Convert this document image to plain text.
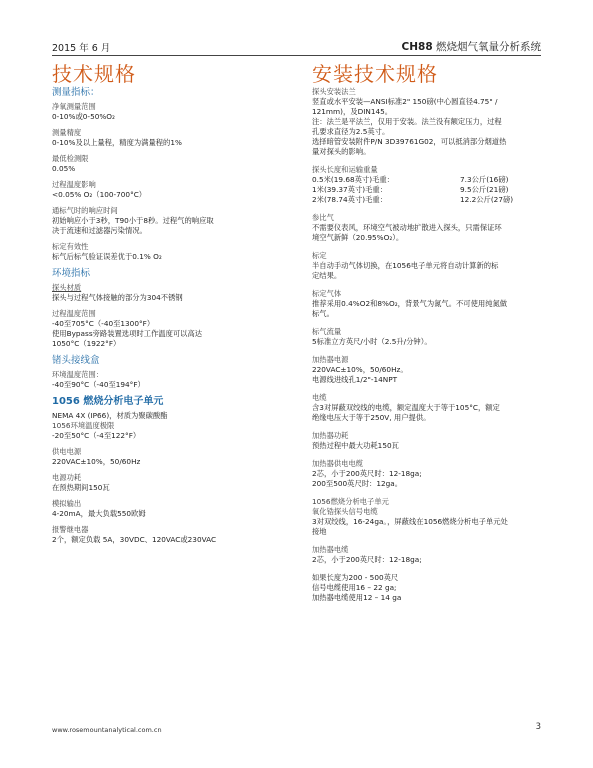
2015 年 6 月	CH88 燃烧烟气氧量分析系统
技术规格
测量指标：
净氧测量范围
0-10%或0-50%O₂
测量精度
0-10%及以上量程，精度为满量程的1%
最低检测限
0.05%
过程温度影响
<0.05% O₂（100-700°C）
通标气时的响应时间
初始响应小于3秒，T90小于8秒。过程气的响应取
决于流速和过滤器污染情况。
标定有效性
标气后标气验证误差优于0.1% O₂
环境指标
探头材质
探头与过程气体接触的部分为304不锈钢
过程温度范围
-40至705°C（-40至1300°F）
使用Bypass旁路装置选项时工作温度可以高达
1050°C（1922°F）
锗头接线盒
环境温度范围：
-40至90°C（-40至194°F）
1056 燃烧分析电子单元
NEMA 4X (IP66)，材质为聚碳酸酯
1056环境温度极限
-20至50°C（-4至122°F）
供电电源
220VAC±10%，50/60Hz
电源功耗
在预热期间150瓦
模拟输出
4-20mA，最大负载550欧姆
报警继电器
2个，额定负载 5A，30VDC、120VAC或230VAC
安装技术规格
探头安装法兰
竖直或水平安装—ANSI标准2" 150磅(中心圆直径4.75" /
121mm)，及DIN145。
注：法兰是平法兰，仅用于安装。法兰没有额定压力，过程
孔要求直径为2.5英寸。
选择暗管安装附件P/N 3D39761G02，可以抵消部分烟道热
量对探头的影响。
探头长度和运输重量
0.5米(19.68英寸)毛重：	7.3公斤(16磅)
1米(39.37英寸)毛重：	9.5公斤(21磅)
2米(78.74英寸)毛重：	12.2公斤(27磅)
参比气
不需要仪表风，环境空气被动地扩散进入探头，只需保证环
境空气新鲜（20.95%O₂）。
标定
半自动手动气体切换，在1056电子单元将自动计算新的标
定结果。
标定气体
推荐采用0.4%O2和8%O₂，背景气为氮气。不可使用纯氮做
标气。
标气流量
5标准立方英尺/小时（2.5升/分钟）。
加热器电源
220VAC±10%，50/60Hz。
电源线进线孔1/2"-14NPT
电缆
含3对屏蔽双绞线的电缆，额定温度大于等于105°C，额定
绝缘电压大于等于250V, 用户提供。
加热器功耗
预热过程中最大功耗150瓦
加热器供电电缆
2芯，小于200英尺时：12-18ga;
200至500英尺时：12ga。
1056燃烧分析电子单元
氧化锆探头信号电缆
3对双绞线，16-24ga。，屏蔽线在1056燃烧分析电子单元处
接地
加热器电缆
2芯，小于200英尺时：12-18ga;
如果长度为200 - 500英尺
信号电缆使用16 – 22 ga;
加热器电缆使用12 – 14 ga
www.rosemountanalytical.com.cn	3
